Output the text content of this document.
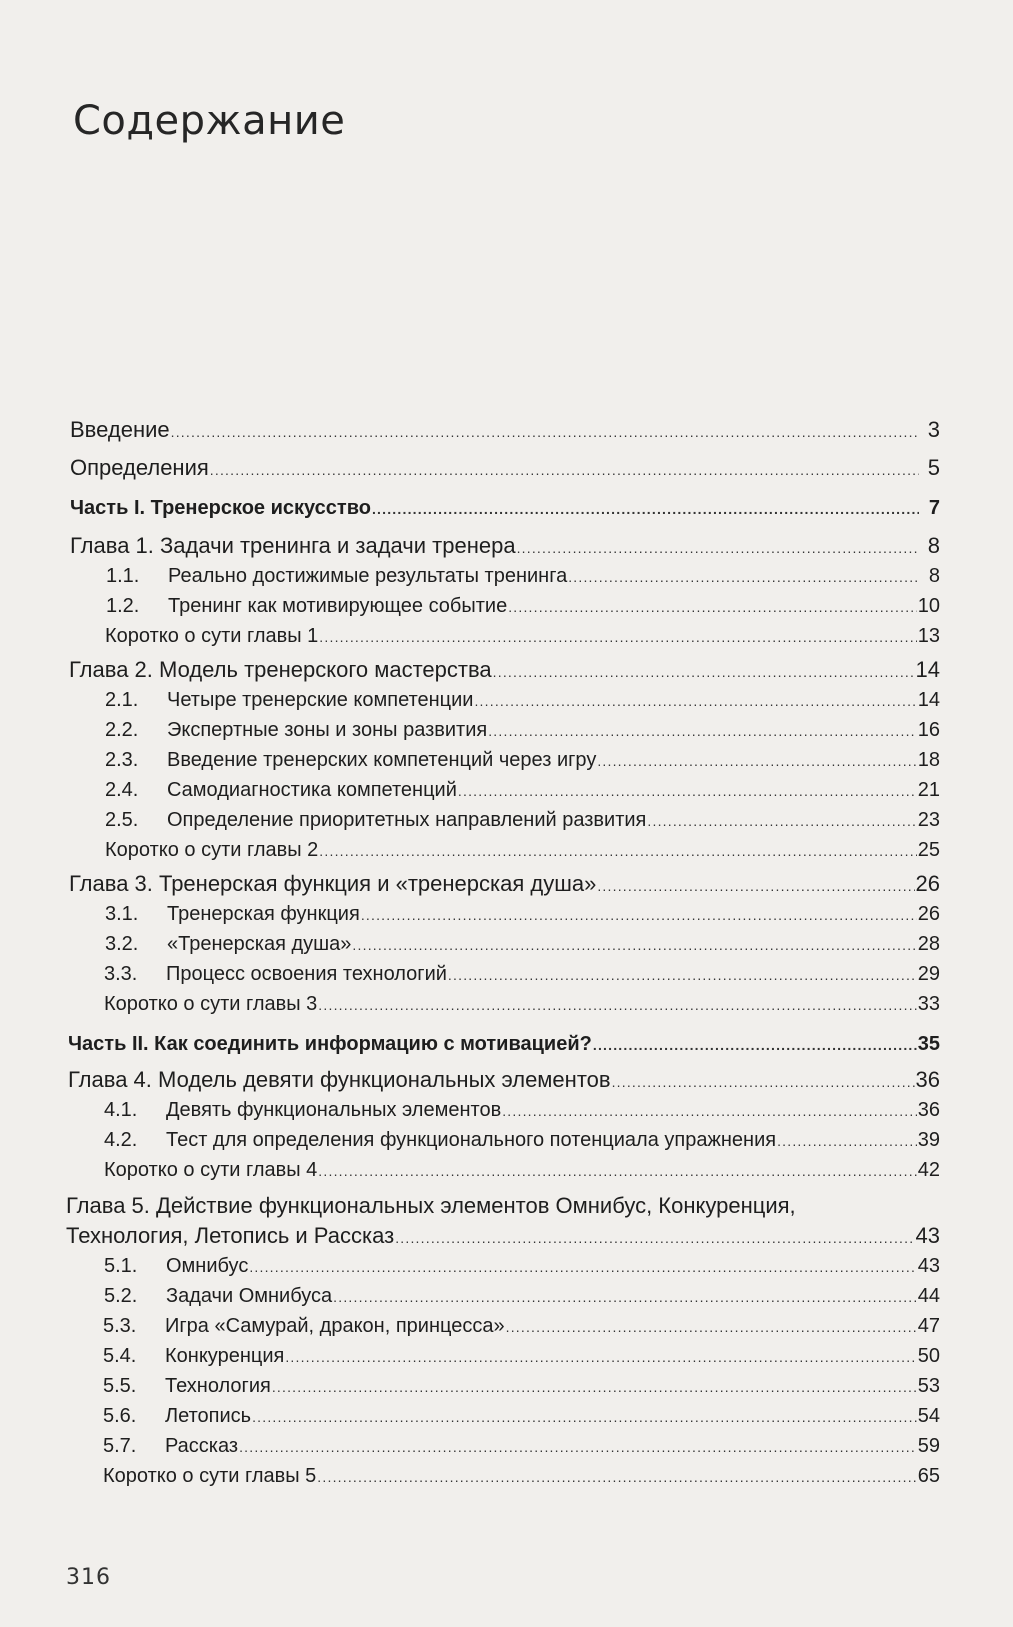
Содержание
Введение .....	3
Определения .....	5
Часть I. Тренерское искусство .....	7
Глава 1. Задачи тренинга и задачи тренера .....	8
1.1.	Реально достижимые результаты тренинга .....	8
1.2.	Тренинг как мотивирующее событие .....	10
Коротко о сути главы 1 .....	13
Глава 2. Модель тренерского мастерства .....	14
2.1.	Четыре тренерские компетенции .....	14
2.2.	Экспертные зоны и зоны развития .....	16
2.3.	Введение тренерских компетенций через игру .....	18
2.4.	Самодиагностика компетенций .....	21
2.5.	Определение приоритетных направлений развития .....	23
Коротко о сути главы 2 .....	25
Глава 3. Тренерская функция и «тренерская душа» .....	26
3.1.	Тренерская функция .....	26
3.2.	«Тренерская душа» .....	28
3.3.	Процесс освоения технологий .....	29
Коротко о сути главы 3 .....	33
Часть II. Как соединить информацию с мотивацией? .....	35
Глава 4. Модель девяти функциональных элементов .....	36
4.1.	Девять функциональных элементов .....	36
4.2.	Тест для определения функционального потенциала упражнения .....	39
Коротко о сути главы 4 .....	42
Глава 5. Действие функциональных элементов Омнибус, Конкуренция,
Технология, Летопись и Рассказ .....	43
5.1.	Омнибус .....	43
5.2.	Задачи Омнибуса .....	44
5.3.	Игра «Самурай, дракон, принцесса» .....	47
5.4.	Конкуренция .....	50
5.5.	Технология .....	53
5.6.	Летопись .....	54
5.7.	Рассказ .....	59
Коротко о сути главы 5 .....	65
316
